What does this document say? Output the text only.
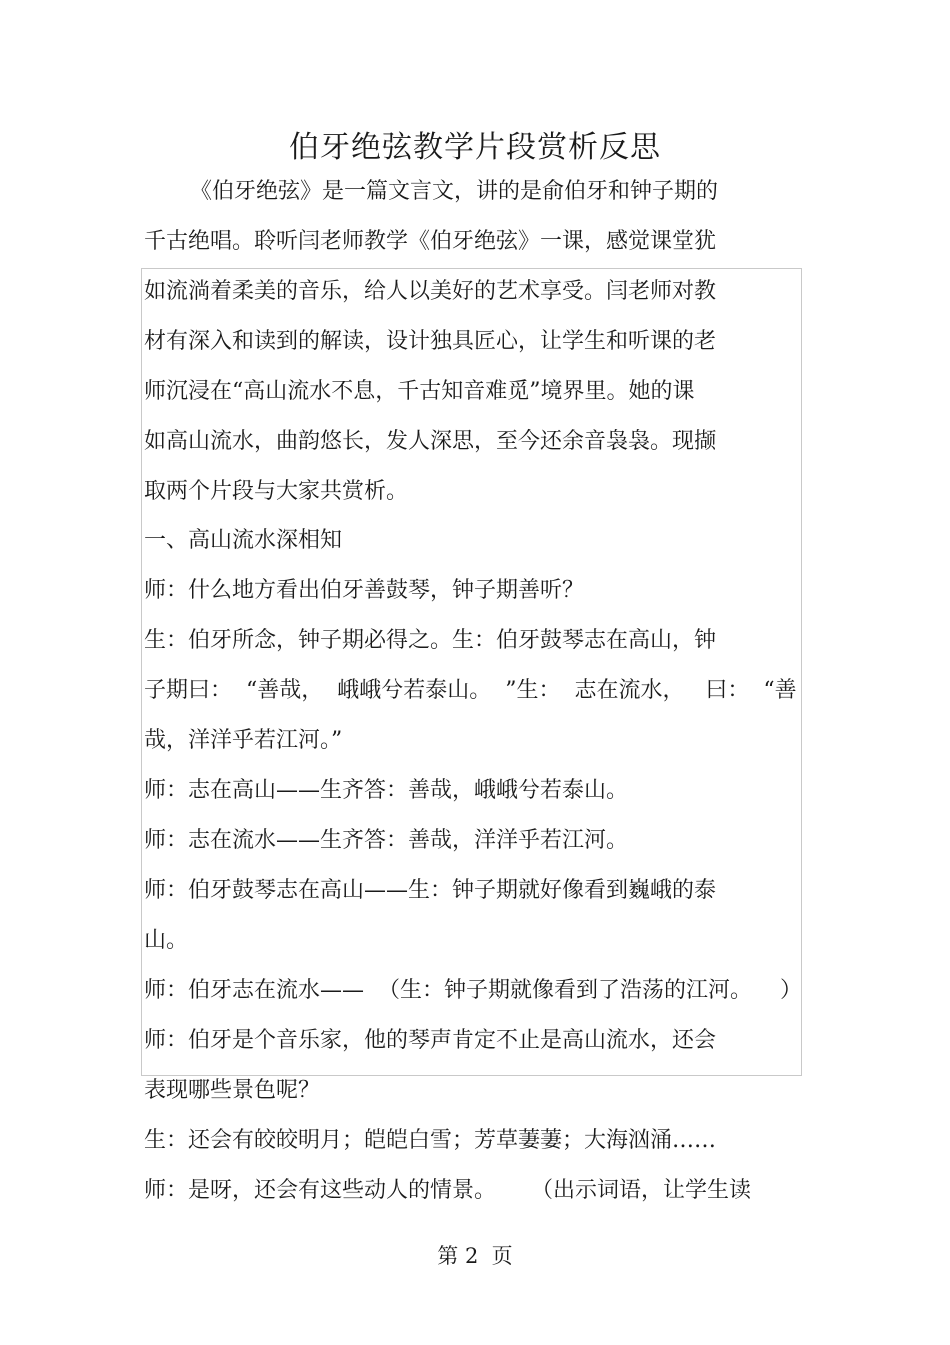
伯牙绝弦教学片段赏析反思
《伯牙绝弦》是一篇文言文，讲的是俞伯牙和钟子期的
千古绝唱。聆听闫老师教学《伯牙绝弦》一课，感觉课堂犹
如流淌着柔美的音乐，给人以美好的艺术享受。闫老师对教
材有深入和读到的解读，设计独具匠心，让学生和听课的老
师沉浸在“高山流水不息，千古知音难觅”境界里。她的课
如高山流水，曲韵悠长，发人深思，至今还余音袅袅。现撷
取两个片段与大家共赏析。
一、高山流水深相知
师：什么地方看出伯牙善鼓琴，钟子期善听？
生：伯牙所念，钟子期必得之。生：伯牙鼓琴志在高山，钟
子期曰：  “善哉，  峨峨兮若泰山。  ”生：  志在流水，   曰：  “善
哉，洋洋乎若江河。”
师：志在高山——生齐答：善哉，峨峨兮若泰山。
师：志在流水——生齐答：善哉，洋洋乎若江河。
师：伯牙鼓琴志在高山——生：钟子期就好像看到巍峨的泰
山。
师：伯牙志在流水——  （生：钟子期就像看到了浩荡的江河。    ）
师：伯牙是个音乐家，他的琴声肯定不止是高山流水，还会
表现哪些景色呢？
生：还会有皎皎明月；皑皑白雪；芳草萋萋；大海汹涌……
师：是呀，还会有这些动人的情景。     （出示词语，让学生读
第 2  页
